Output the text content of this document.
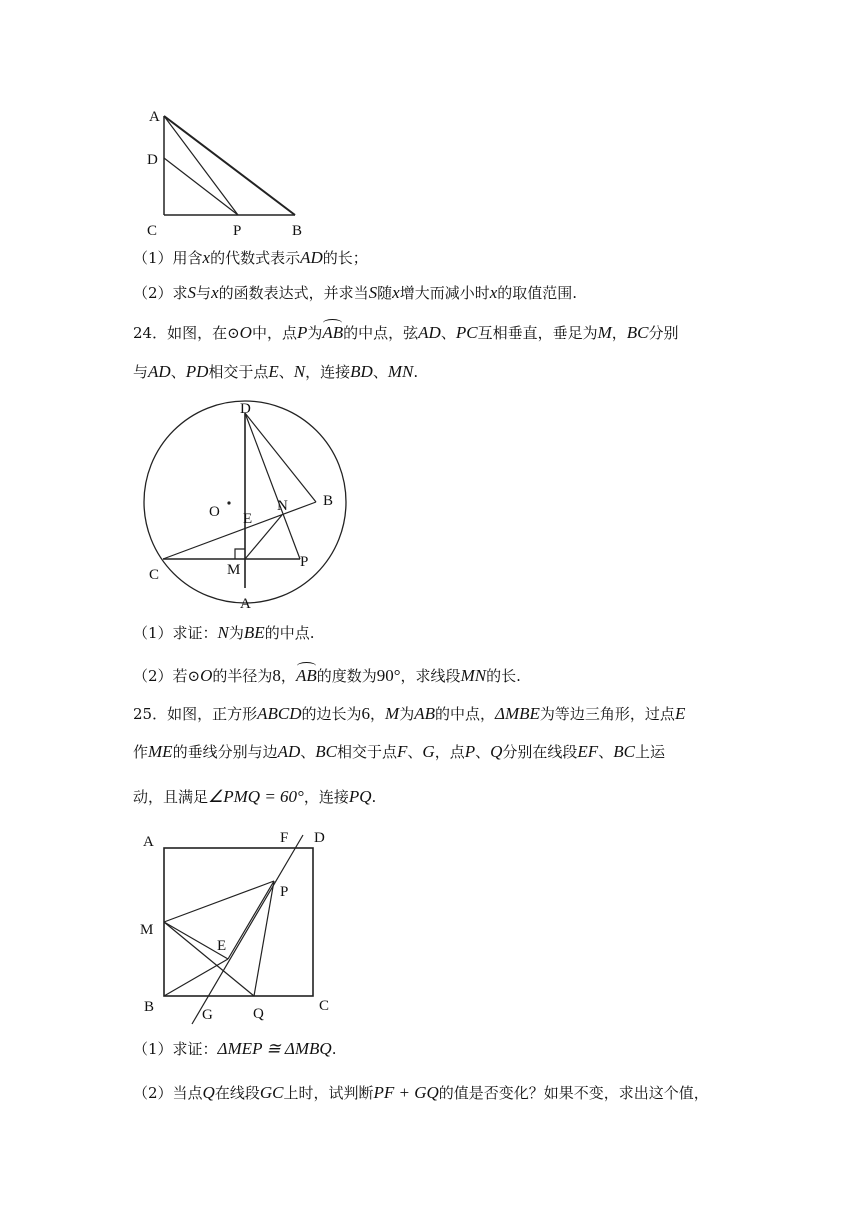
A
D
C	P	B
（1）用含x的代数式表示AD的长；
（2）求S与x的函数表达式，并求当S随x增大而减小时x的取值范围.
24．如图，在⊙O中，点P为AB的中点，弦AD、PC互相垂直，垂足为M，BC分别
与AD、PD相交于点E、N，连接BD、MN.
D
B
O E
N
C	M	P
A
（1）求证：N为BE的中点.
（2）若⊙O的半径为8，AB的度数为90°，求线段MN的长.
25．如图，正方形ABCD的边长为6，M为AB的中点，ΔMBE为等边三角形，过点E
作ME的垂线分别与边AD、BC相交于点F、G，点P、Q分别在线段EF、BC上运
动，且满足∠PMQ = 60°，连接PQ.
A	F D
P
M
E
B	G	Q	C
（1）求证：ΔMEP ≅ ΔMBQ.
（2）当点Q在线段GC上时，试判断PF + GQ的值是否变化？如果不变，求出这个值，
